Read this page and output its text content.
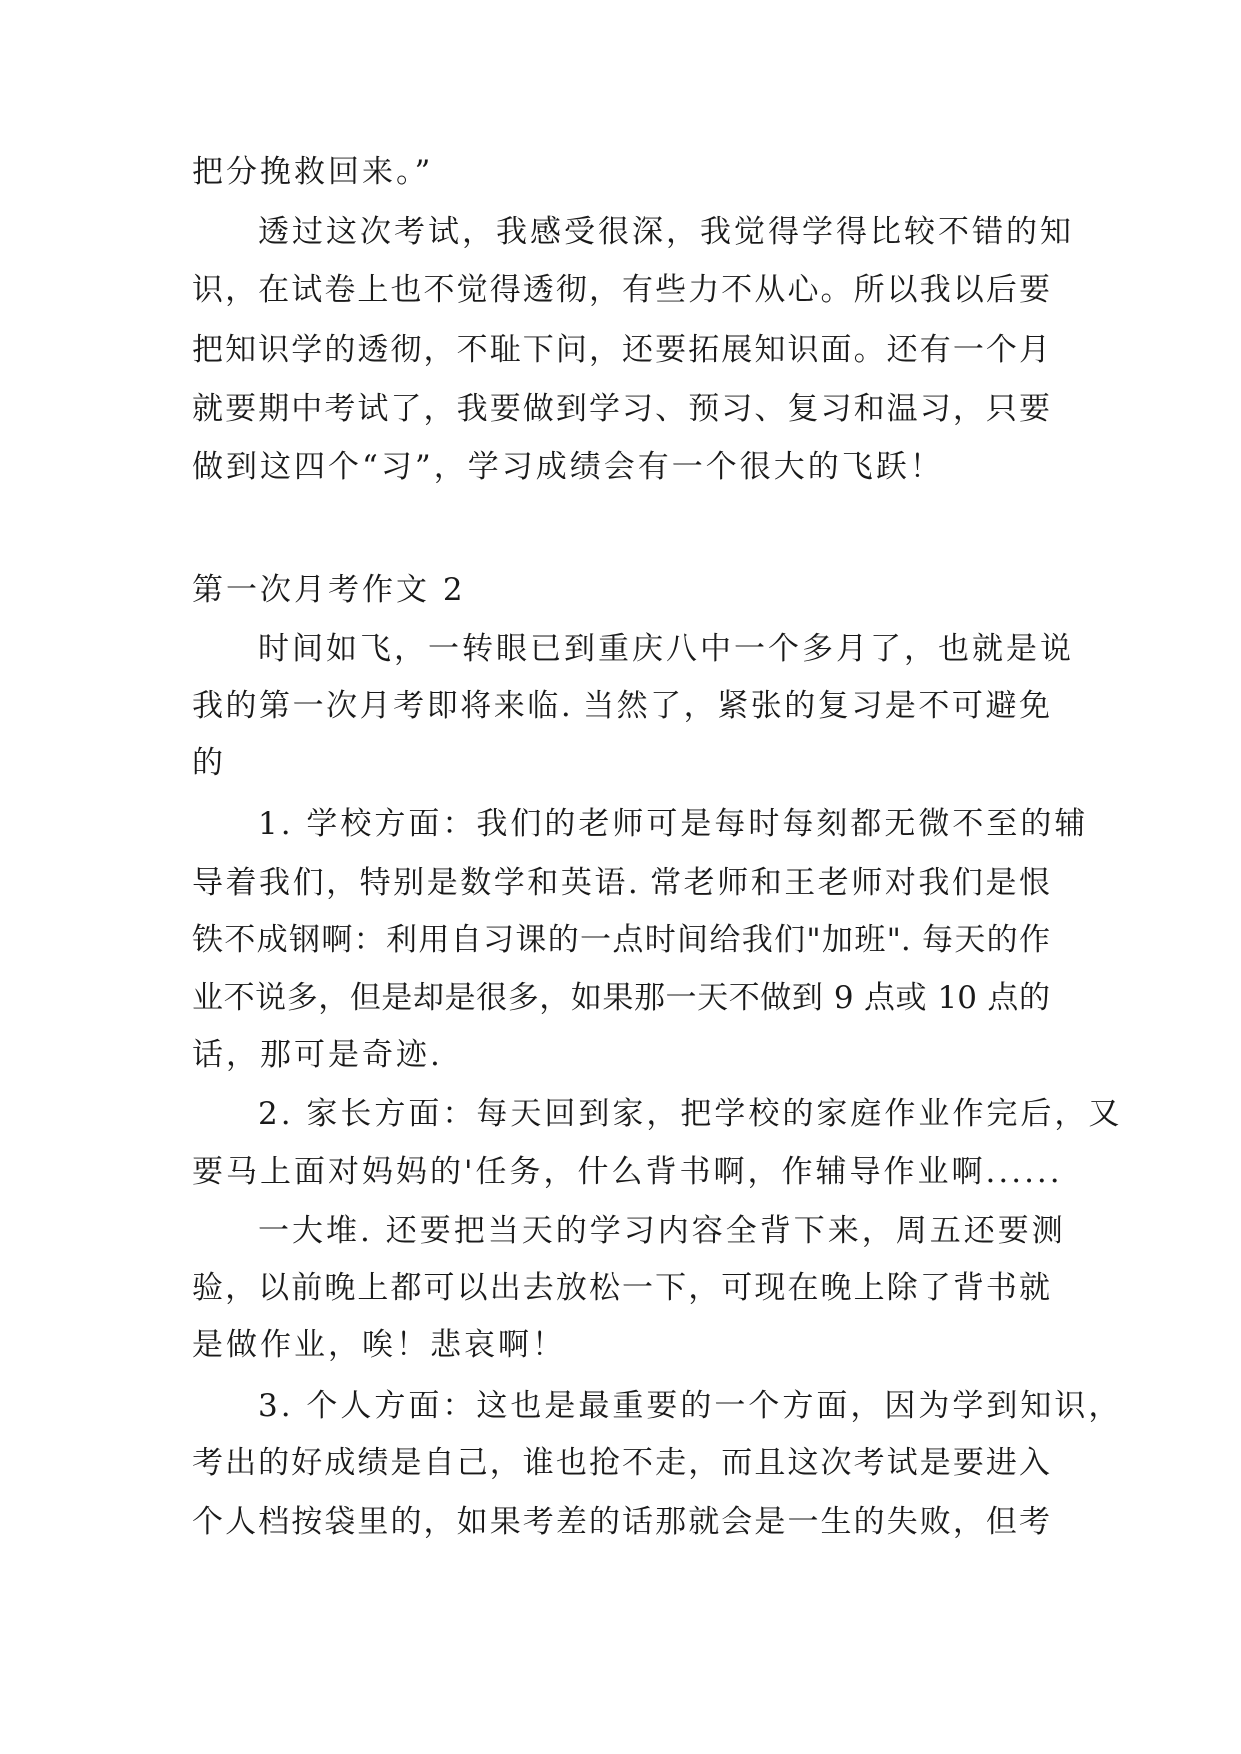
把分挽救回来。”
透过这次考试，我感受很深，我觉得学得比较不错的知
识，在试卷上也不觉得透彻，有些力不从心。所以我以后要
把知识学的透彻，不耻下问，还要拓展知识面。还有一个月
就要期中考试了，我要做到学习、预习、复习和温习，只要
做到这四个“习”，学习成绩会有一个很大的飞跃！
第一次月考作文 2
时间如飞，一转眼已到重庆八中一个多月了，也就是说
我的第一次月考即将来临. 当然了，紧张的复习是不可避免
的
1. 学校方面：我们的老师可是每时每刻都无微不至的辅
导着我们，特别是数学和英语. 常老师和王老师对我们是恨
铁不成钢啊：利用自习课的一点时间给我们"加班". 每天的作
业不说多，但是却是很多，如果那一天不做到 9 点或 10 点的
话，那可是奇迹.
2. 家长方面：每天回到家，把学校的家庭作业作完后，又
要马上面对妈妈的'任务，什么背书啊，作辅导作业啊......
一大堆. 还要把当天的学习内容全背下来，周五还要测
验，以前晚上都可以出去放松一下，可现在晚上除了背书就
是做作业，唉！悲哀啊！
3. 个人方面：这也是最重要的一个方面，因为学到知识，
考出的好成绩是自己，谁也抢不走，而且这次考试是要进入
个人档按袋里的，如果考差的话那就会是一生的失败，但考
